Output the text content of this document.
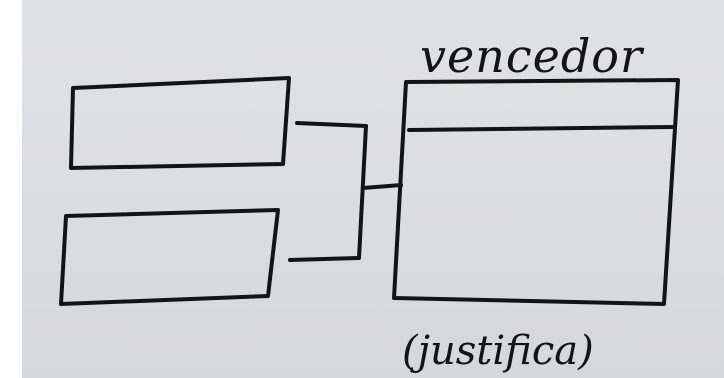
vencedor
(justifica)
